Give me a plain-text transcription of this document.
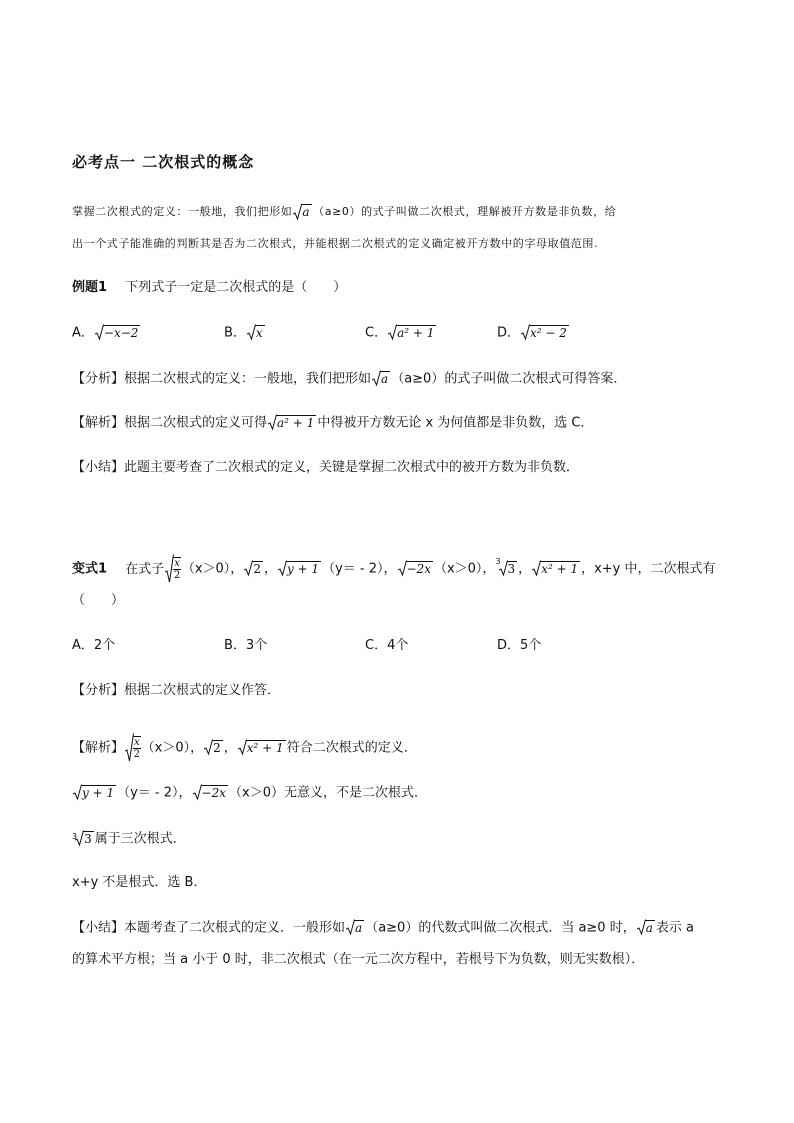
必考点一 二次根式的概念
掌握二次根式的定义：一般地，我们把形如 a （a≥0）的式子叫做二次根式，理解被开方数是非负数，给
出一个式子能准确的判断其是否为二次根式，并能根据二次根式的定义确定被开方数中的字母取值范围.
例题1 下列式子一定是二次根式的是（　　）
A． −x−2	B． x	C． a² + 1	D． x² − 2
【分析】根据二次根式的定义：一般地，我们把形如 a （a≥0）的式子叫做二次根式可得答案．
【解析】根据二次根式的定义可得 a² + 1 中得被开方数无论 x 为何值都是非负数，选 C．
【小结】此题主要考查了二次根式的定义，关键是掌握二次根式中的被开方数为非负数．
变式1 在式子 $\frac{x}{2} (x>0)$， 2 ， y + 1 （y＝ - 2）， −2x （x＞0），$^3$ 3 ， x² + 1 ，x+y 中，二次根式有
（　　）
A．2个	B．3个	C．4个	D．5个
【分析】根据二次根式的定义作答．
【解析】 $\frac{x}{2} (x>0)$， 2 ， x² + 1 符合二次根式的定义．
y + 1 （y＝ - 2）， −2x （x＞0）无意义，不是二次根式．
$^3$ 3 属于三次根式．
x+y 不是根式．选 B．
【小结】本题考查了二次根式的定义．一般形如 a （a≥0）的代数式叫做二次根式．当 a≥0 时， a 表示 a
的算术平方根；当 a 小于 0 时，非二次根式（在一元二次方程中，若根号下为负数，则无实数根）．
